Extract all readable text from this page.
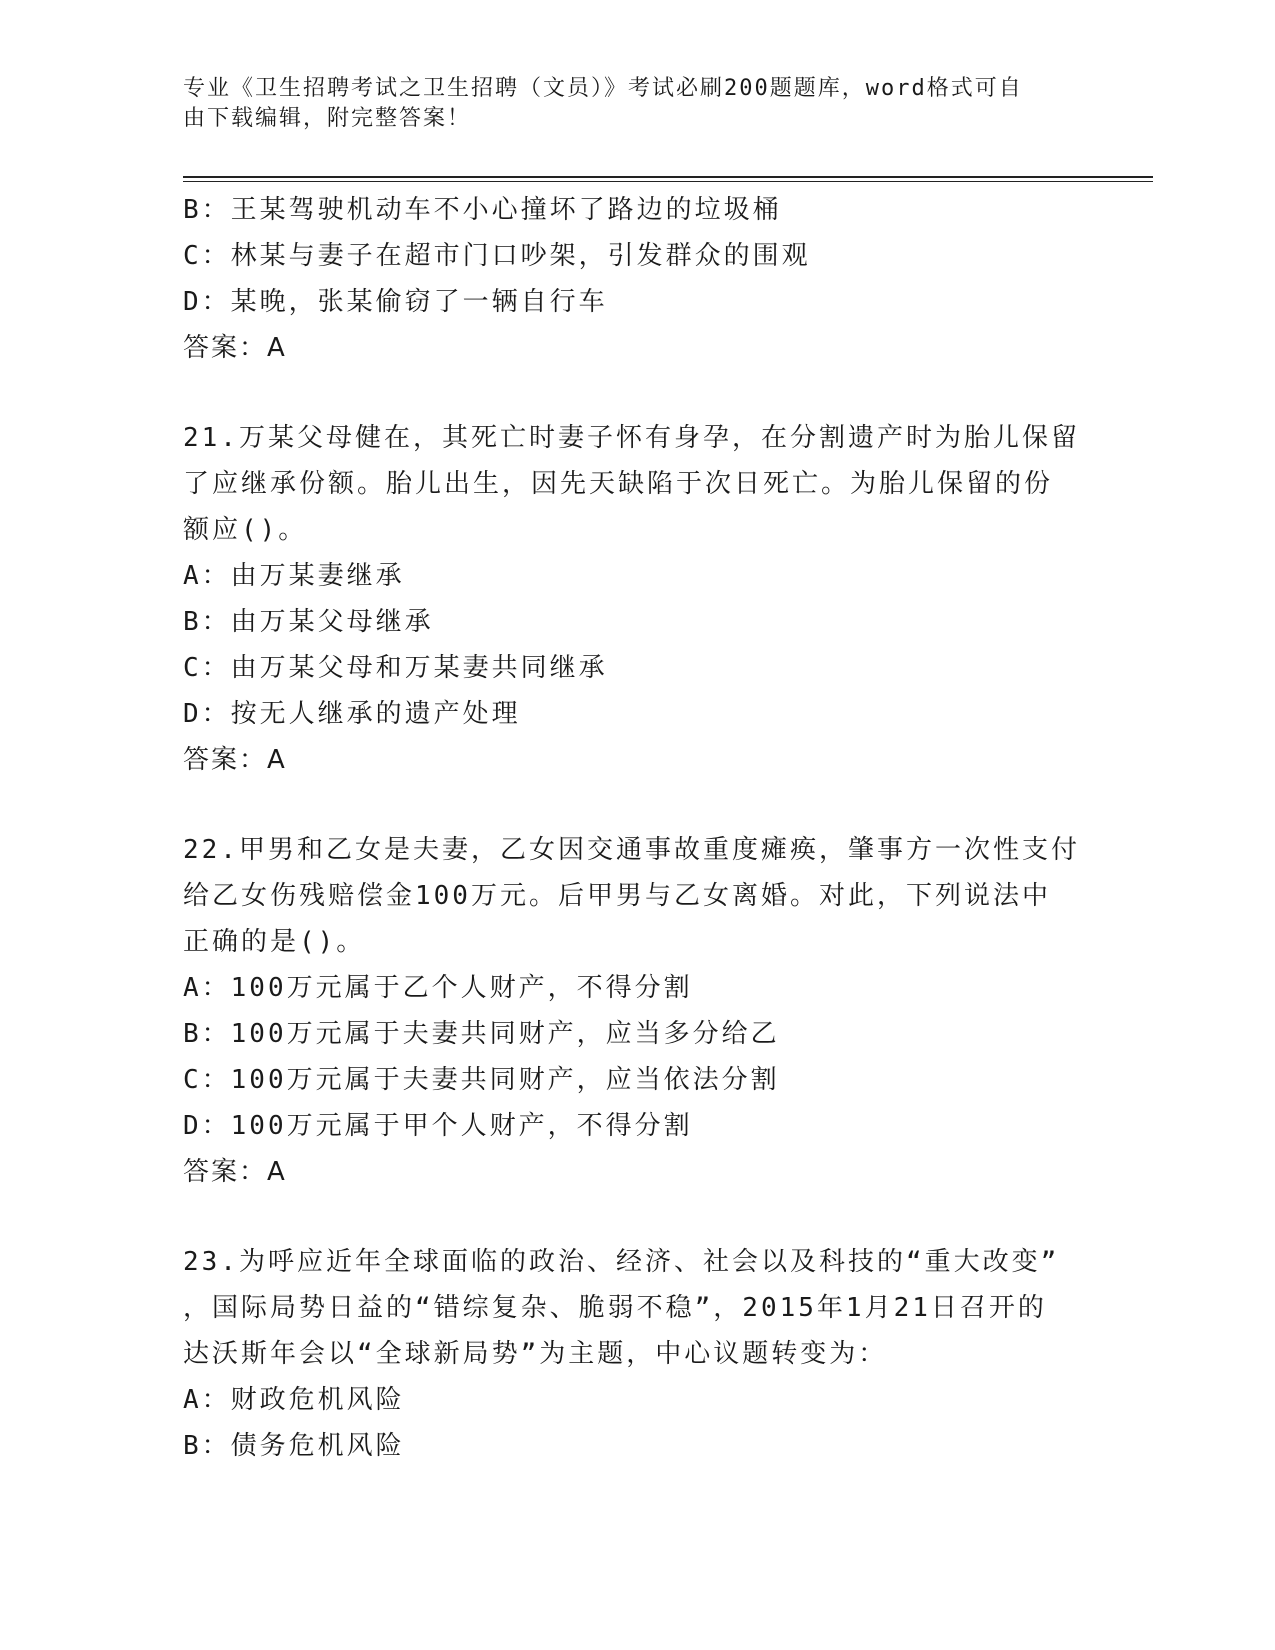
专业《卫生招聘考试之卫生招聘（文员）》考试必刷200题题库，word格式可自
由下载编辑，附完整答案！
B：王某驾驶机动车不小心撞坏了路边的垃圾桶
C：林某与妻子在超市门口吵架，引发群众的围观
D：某晚，张某偷窃了一辆自行车
答案：A
21.万某父母健在，其死亡时妻子怀有身孕，在分割遗产时为胎儿保留
了应继承份额。胎儿出生，因先天缺陷于次日死亡。为胎儿保留的份
额应()。
A：由万某妻继承
B：由万某父母继承
C：由万某父母和万某妻共同继承
D：按无人继承的遗产处理
答案：A
22.甲男和乙女是夫妻，乙女因交通事故重度瘫痪，肇事方一次性支付
给乙女伤残赔偿金100万元。后甲男与乙女离婚。对此，下列说法中
正确的是()。
A：100万元属于乙个人财产，不得分割
B：100万元属于夫妻共同财产，应当多分给乙
C：100万元属于夫妻共同财产，应当依法分割
D：100万元属于甲个人财产，不得分割
答案：A
23.为呼应近年全球面临的政治、经济、社会以及科技的“重大改变”
，国际局势日益的“错综复杂、脆弱不稳”，2015年1月21日召开的
达沃斯年会以“全球新局势”为主题，中心议题转变为：
A：财政危机风险
B：债务危机风险
